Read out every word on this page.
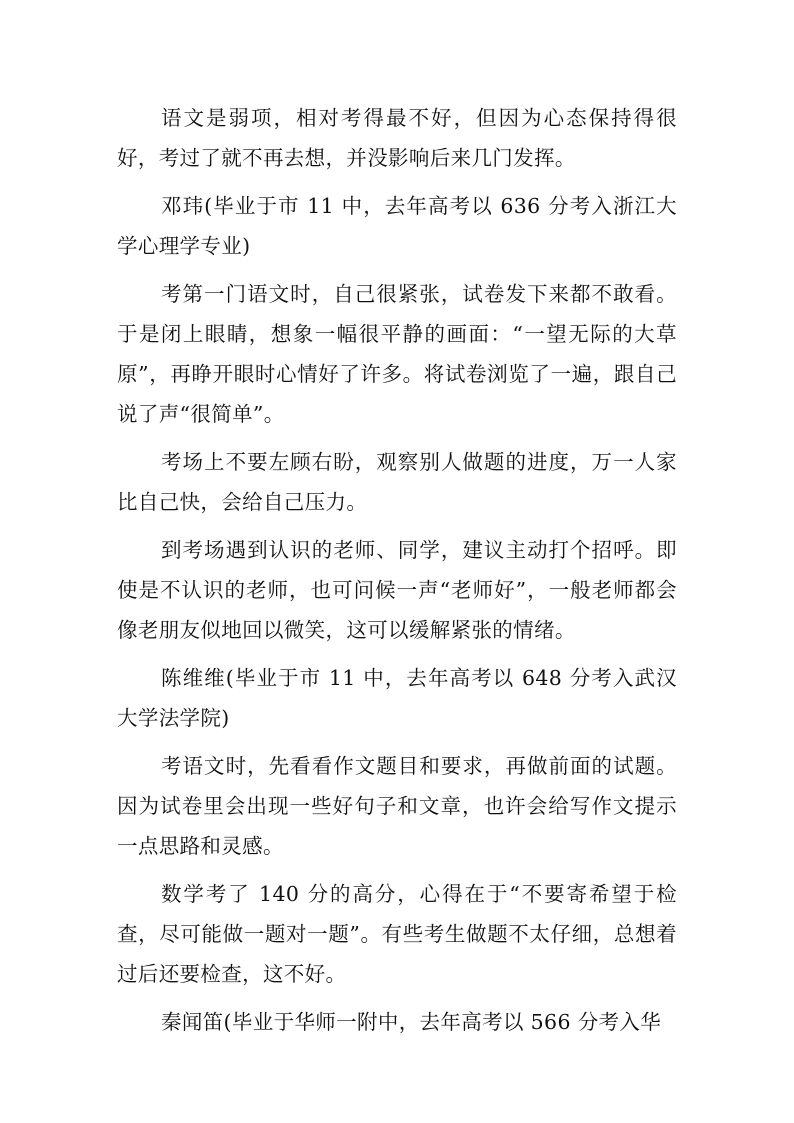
语文是弱项，相对考得最不好，但因为心态保持得很好，考过了就不再去想，并没影响后来几门发挥。

邓玮(毕业于市 11 中，去年高考以 636 分考入浙江大学心理学专业)

考第一门语文时，自己很紧张，试卷发下来都不敢看。于是闭上眼睛，想象一幅很平静的画面：“一望无际的大草原”，再睁开眼时心情好了许多。将试卷浏览了一遍，跟自己说了声“很简单”。

考场上不要左顾右盼，观察别人做题的进度，万一人家比自己快，会给自己压力。

到考场遇到认识的老师、同学，建议主动打个招呼。即使是不认识的老师，也可问候一声“老师好”，一般老师都会像老朋友似地回以微笑，这可以缓解紧张的情绪。

陈维维(毕业于市 11 中，去年高考以 648 分考入武汉大学法学院)

考语文时，先看看作文题目和要求，再做前面的试题。因为试卷里会出现一些好句子和文章，也许会给写作文提示一点思路和灵感。

数学考了 140 分的高分，心得在于“不要寄希望于检查，尽可能做一题对一题”。有些考生做题不太仔细，总想着过后还要检查，这不好。

秦闻笛(毕业于华师一附中，去年高考以 566 分考入华
